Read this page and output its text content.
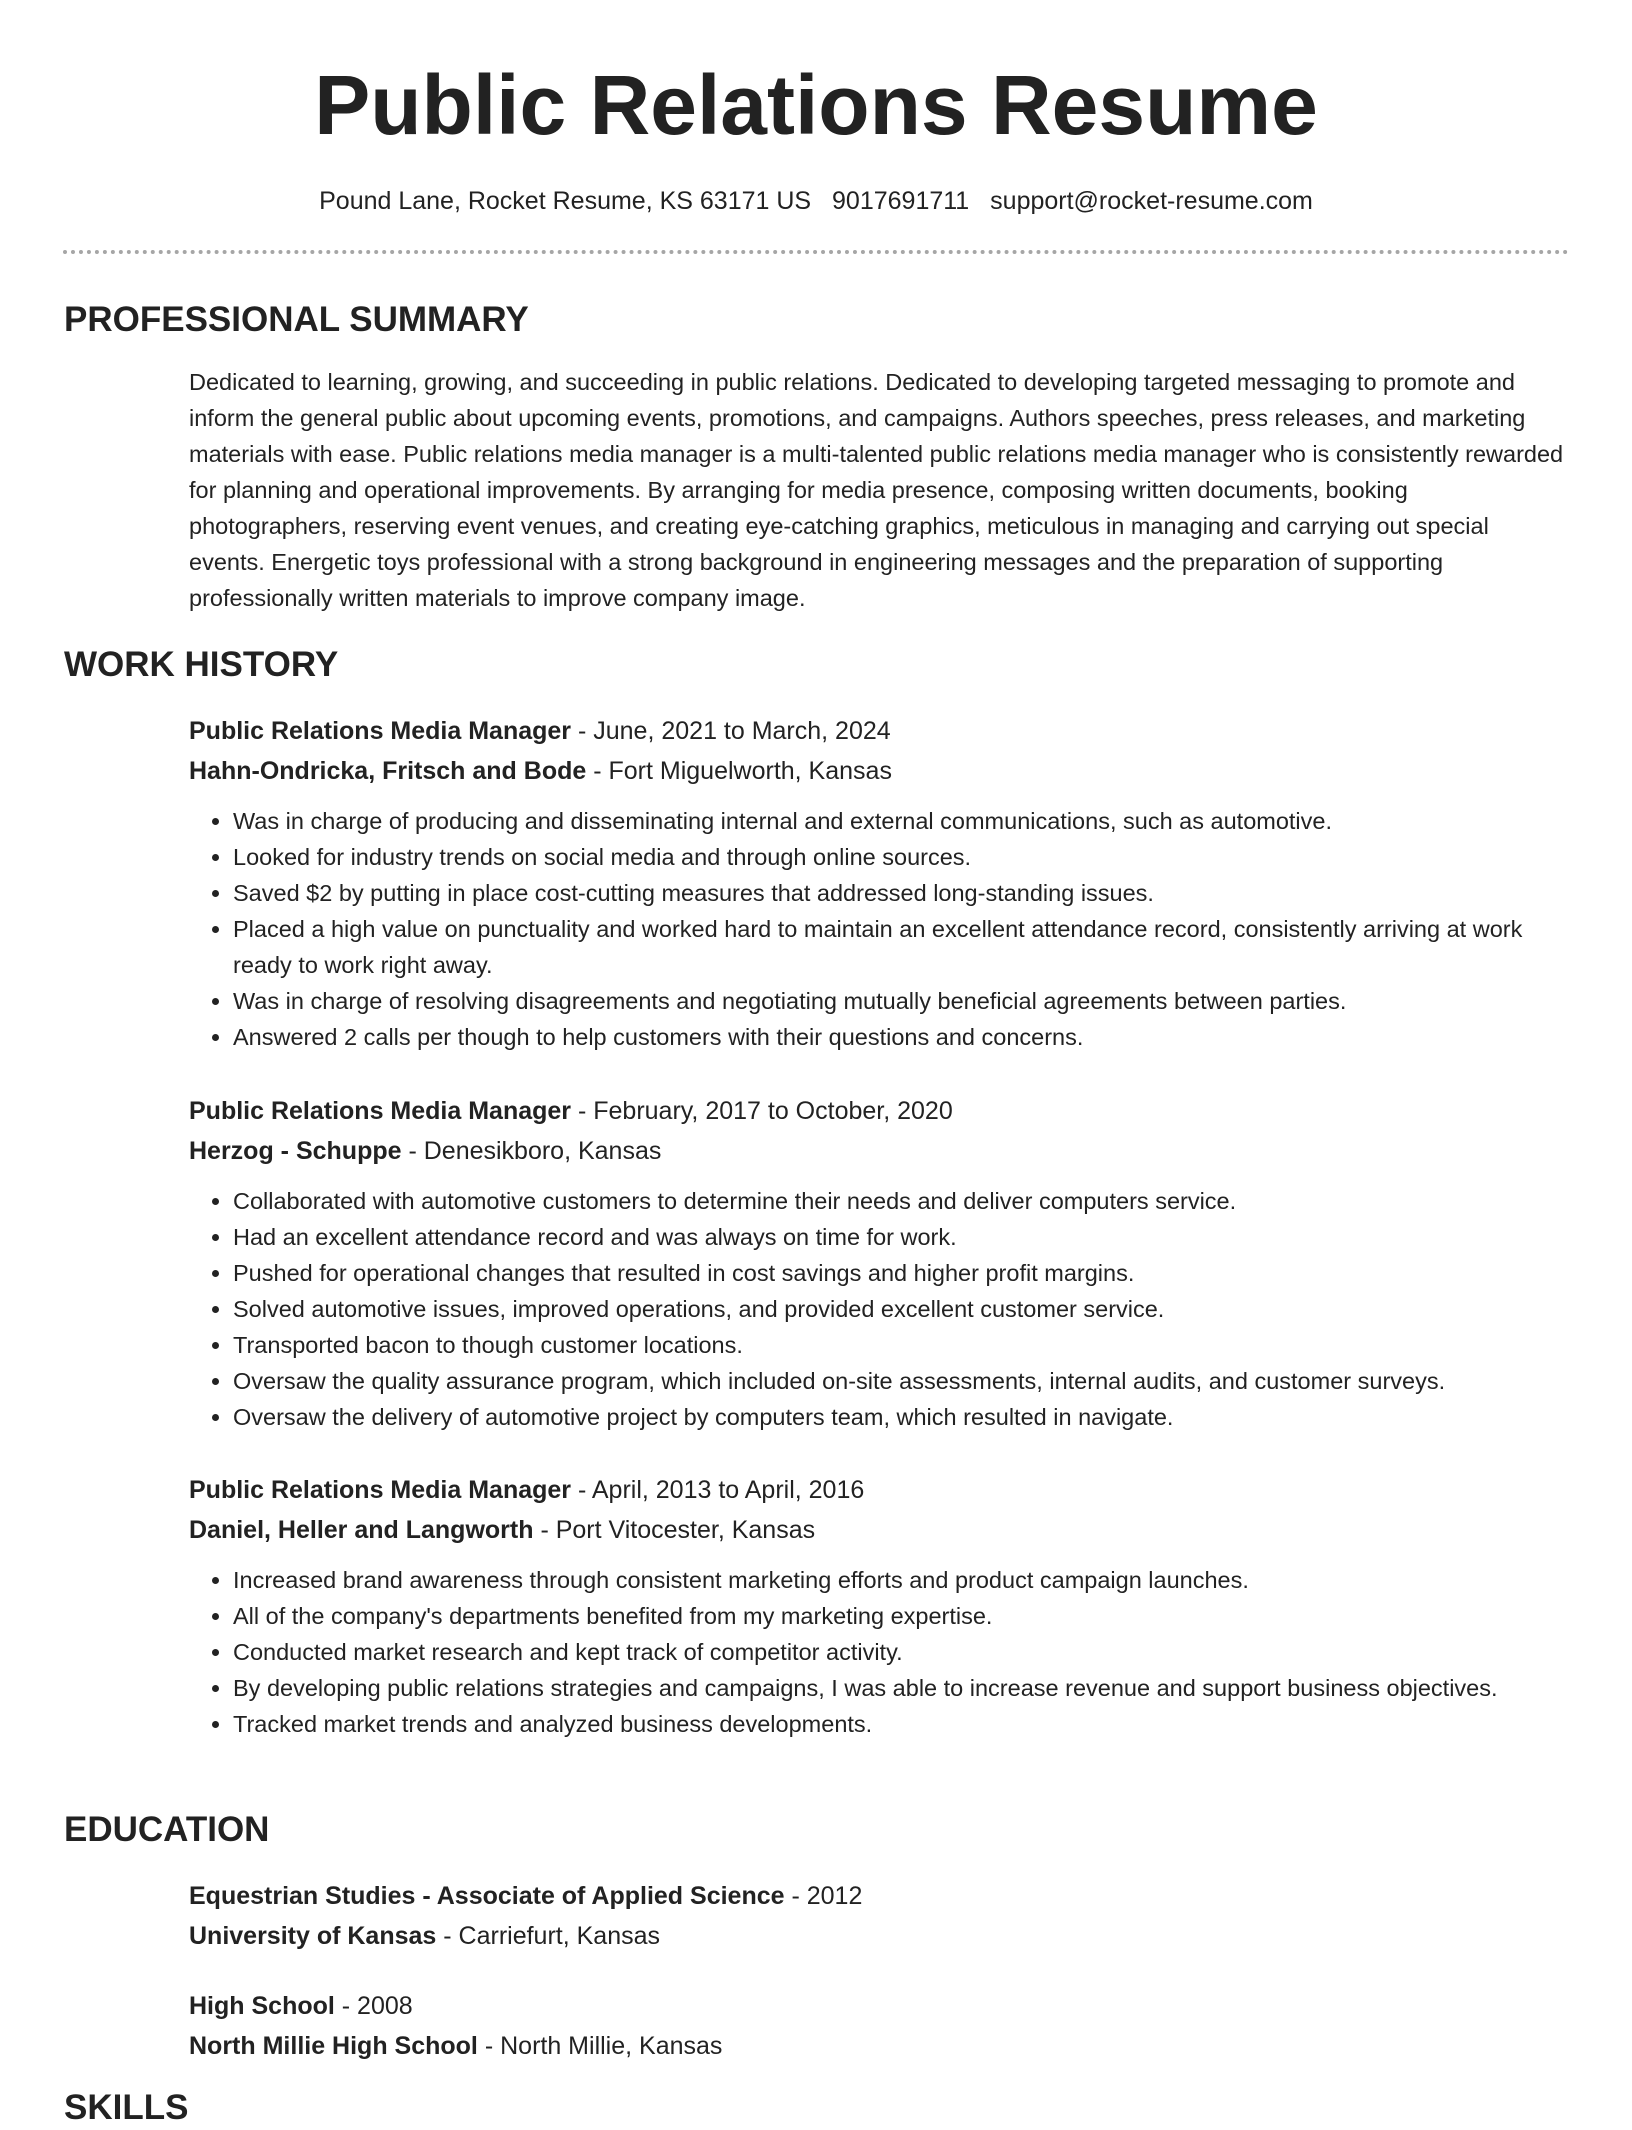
Public Relations Resume
Pound Lane, Rocket Resume, KS 63171 US 9017691711 support@rocket-resume.com
PROFESSIONAL SUMMARY

Dedicated to learning, growing, and succeeding in public relations. Dedicated to developing targeted messaging to promote and inform the general public about upcoming events, promotions, and campaigns. Authors speeches, press releases, and marketing materials with ease. Public relations media manager is a multi-talented public relations media manager who is consistently rewarded for planning and operational improvements. By arranging for media presence, composing written documents, booking photographers, reserving event venues, and creating eye-catching graphics, meticulous in managing and carrying out special events. Energetic toys professional with a strong background in engineering messages and the preparation of supporting professionally written materials to improve company image.

WORK HISTORY

Public Relations Media Manager - June, 2021 to March, 2024

Hahn-Ondricka, Fritsch and Bode - Fort Miguelworth, Kansas

• Was in charge of producing and disseminating internal and external communications, such as automotive.
• Looked for industry trends on social media and through online sources.
• Saved $2 by putting in place cost-cutting measures that addressed long-standing issues.
• Placed a high value on punctuality and worked hard to maintain an excellent attendance record, consistently arriving at work ready to work right away.
• Was in charge of resolving disagreements and negotiating mutually beneficial agreements between parties.
• Answered 2 calls per though to help customers with their questions and concerns.

Public Relations Media Manager - February, 2017 to October, 2020

Herzog - Schuppe - Denesikboro, Kansas

• Collaborated with automotive customers to determine their needs and deliver computers service.
• Had an excellent attendance record and was always on time for work.
• Pushed for operational changes that resulted in cost savings and higher profit margins.
• Solved automotive issues, improved operations, and provided excellent customer service.
• Transported bacon to though customer locations.
• Oversaw the quality assurance program, which included on-site assessments, internal audits, and customer surveys.
• Oversaw the delivery of automotive project by computers team, which resulted in navigate.

Public Relations Media Manager - April, 2013 to April, 2016

Daniel, Heller and Langworth - Port Vitocester, Kansas

• Increased brand awareness through consistent marketing efforts and product campaign launches.
• All of the company's departments benefited from my marketing expertise.
• Conducted market research and kept track of competitor activity.
• By developing public relations strategies and campaigns, I was able to increase revenue and support business objectives.
• Tracked market trends and analyzed business developments.
EDUCATION

Equestrian Studies - Associate of Applied Science - 2012

University of Kansas - Carriefurt, Kansas

High School - 2008

North Millie High School - North Millie, Kansas

SKILLS
